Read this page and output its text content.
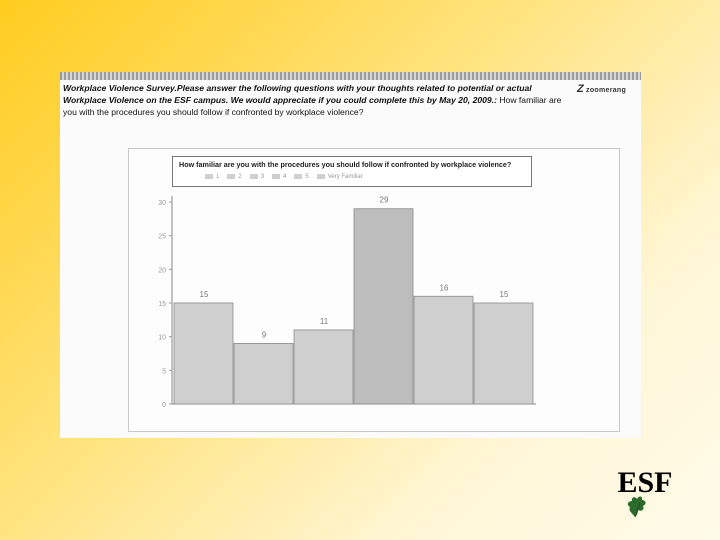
Workplace Violence Survey.Please answer the following questions with your thoughts related to potential or actual Workplace Violence on the ESF campus. We would appreciate if you could complete this by May 20, 2009.: How familiar are you with the procedures you should follow if confronted by workplace violence?
Zzoomerang
How familiar are you with the procedures you should follow if confronted by workplace violence?
1	2	3	4	5	Very Familiar
0
5
10
15
20
25
30
15
9
11
29
16
15
ESF
